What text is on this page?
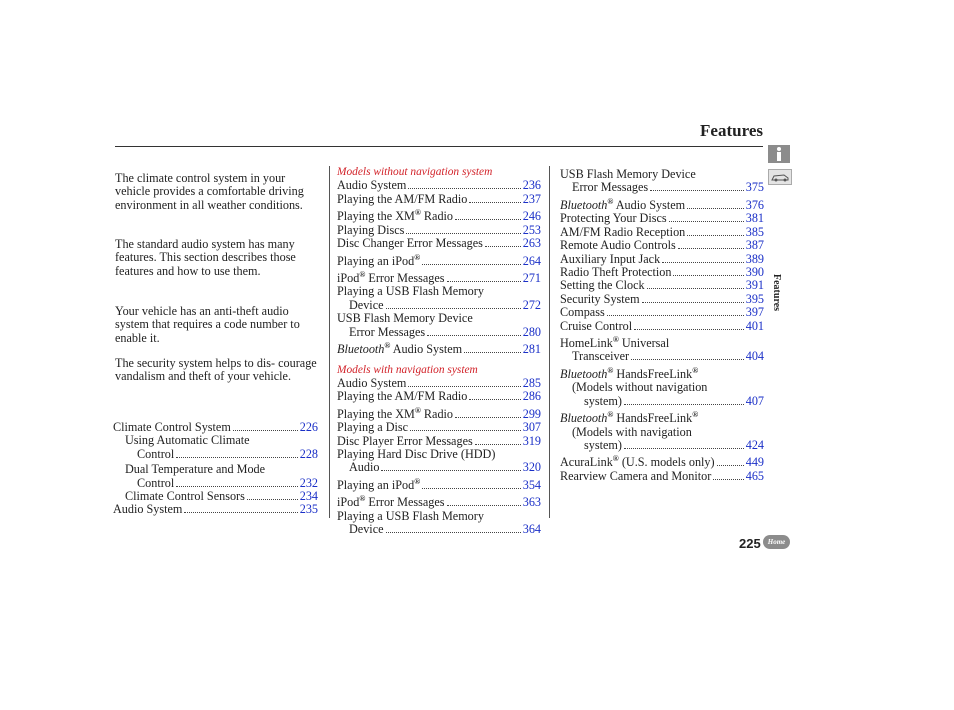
Features
Features
The climate control system in your vehicle provides a comfortable driving environment in all weather conditions.
The standard audio system has many features. This section describes those features and how to use them.
Your vehicle has an anti-theft audio system that requires a code number to enable it.
The security system helps to dis- courage vandalism and theft of your vehicle.
Climate Control System	226
Using Automatic Climate
Control	228
Dual Temperature and Mode
Control	232
Climate Control Sensors	234
Audio System	235
Models without navigation system
Audio System	236
Playing the AM/FM Radio	237
Playing the XM® Radio	246
Playing Discs	253
Disc Changer Error Messages	263
Playing an iPod®	264
iPod® Error Messages	271
Playing a USB Flash Memory
Device	272
USB Flash Memory Device
Error Messages	280
Bluetooth® Audio System	281
Models with navigation system
Audio System	285
Playing the AM/FM Radio	286
Playing the XM® Radio	299
Playing a Disc	307
Disc Player Error Messages	319
Playing Hard Disc Drive (HDD)
Audio	320
Playing an iPod®	354
iPod® Error Messages	363
Playing a USB Flash Memory
Device	364
USB Flash Memory Device
Error Messages	375
Bluetooth® Audio System	376
Protecting Your Discs	381
AM/FM Radio Reception	385
Remote Audio Controls	387
Auxiliary Input Jack	389
Radio Theft Protection	390
Setting the Clock	391
Security System	395
Compass	397
Cruise Control	401
HomeLink® Universal
Transceiver	404
Bluetooth® HandsFreeLink®
(Models without navigation
system)	407
Bluetooth® HandsFreeLink®
(Models with navigation
system)	424
AcuraLink® (U.S. models only)	449
Rearview Camera and Monitor	465
225	Home
